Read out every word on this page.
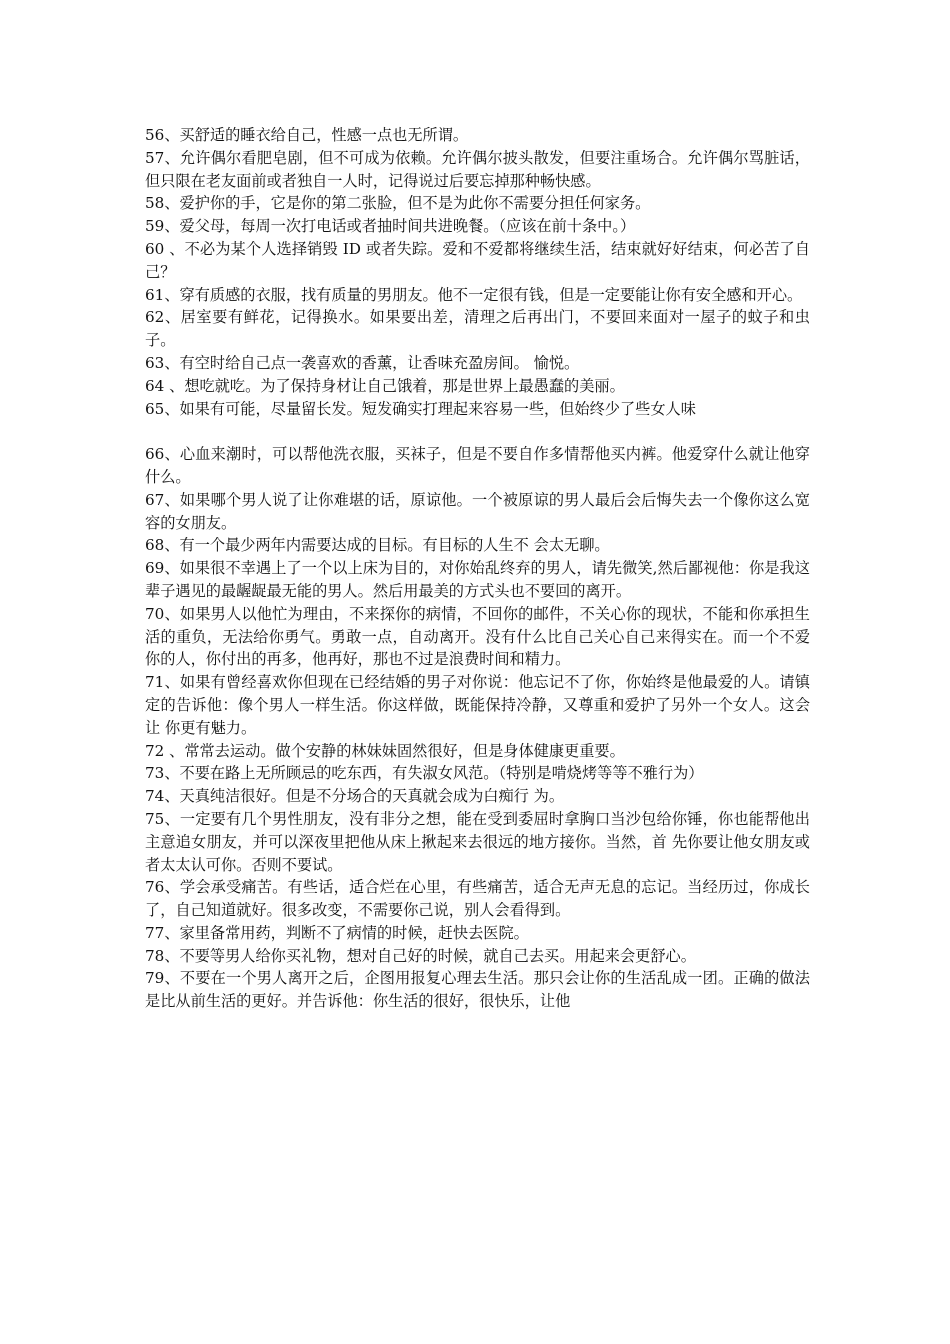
56、买舒适的睡衣给自己，性感一点也无所谓。

57、允许偶尔看肥皂剧，但不可成为依赖。允许偶尔披头散发，但要注重场合。允许偶尔骂脏话，但只限在老友面前或者独自一人时，记得说过后要忘掉那种畅快感。

58、爱护你的手，它是你的第二张脸，但不是为此你不需要分担任何家务。

59、爱父母，每周一次打电话或者抽时间共进晚餐。（应该在前十条中。）

60 、不必为某个人选择销毁 ID 或者失踪。爱和不爱都将继续生活，结束就好好结束，何必苦了自己？

61、穿有质感的衣服，找有质量的男朋友。他不一定很有钱，但是一定要能让你有安全感和开心。

62、居室要有鲜花，记得换水。如果要出差，清理之后再出门，不要回来面对一屋子的蚊子和虫子。

63、有空时给自己点一袭喜欢的香薰，让香味充盈房间。 愉悦。

64 、想吃就吃。为了保持身材让自己饿着，那是世界上最愚蠢的美丽。

65、如果有可能，尽量留长发。短发确实打理起来容易一些，但始终少了些女人味

66、心血来潮时，可以帮他洗衣服，买袜子，但是不要自作多情帮他买内裤。他爱穿什么就让他穿什么。

67、如果哪个男人说了让你难堪的话，原谅他。一个被原谅的男人最后会后悔失去一个像你这么宽容的女朋友。

68、有一个最少两年内需要达成的目标。有目标的人生不 会太无聊。

69、如果很不幸遇上了一个以上床为目的，对你始乱终弃的男人，请先微笑,然后鄙视他：你是我这辈子遇见的最龌龊最无能的男人。然后用最美的方式头也不要回的离开。

70、如果男人以他忙为理由，不来探你的病情，不回你的邮件，不关心你的现状，不能和你承担生活的重负，无法给你勇气。勇敢一点，自动离开。没有什么比自己关心自己来得实在。而一个不爱你的人，你付出的再多，他再好，那也不过是浪费时间和精力。

71、如果有曾经喜欢你但现在已经结婚的男子对你说：他忘记不了你，你始终是他最爱的人。请镇定的告诉他：像个男人一样生活。你这样做，既能保持冷静，又尊重和爱护了另外一个女人。这会让 你更有魅力。

72 、常常去运动。做个安静的林妹妹固然很好，但是身体健康更重要。

73、不要在路上无所顾忌的吃东西，有失淑女风范。（特别是啃烧烤等等不雅行为）

74、天真纯洁很好。但是不分场合的天真就会成为白痴行 为。

75、一定要有几个男性朋友，没有非分之想，能在受到委屈时拿胸口当沙包给你锤，你也能帮他出主意追女朋友，并可以深夜里把他从床上揪起来去很远的地方接你。当然，首 先你要让他女朋友或者太太认可你。否则不要试。

76、学会承受痛苦。有些话，适合烂在心里，有些痛苦，适合无声无息的忘记。当经历过，你成长了，自己知道就好。很多改变，不需要你己说，别人会看得到。

77、家里备常用药，判断不了病情的时候，赶快去医院。

78、不要等男人给你买礼物，想对自己好的时候，就自己去买。用起来会更舒心。

79、不要在一个男人离开之后，企图用报复心理去生活。那只会让你的生活乱成一团。正确的做法是比从前生活的更好。并告诉他：你生活的很好，很快乐，让他
